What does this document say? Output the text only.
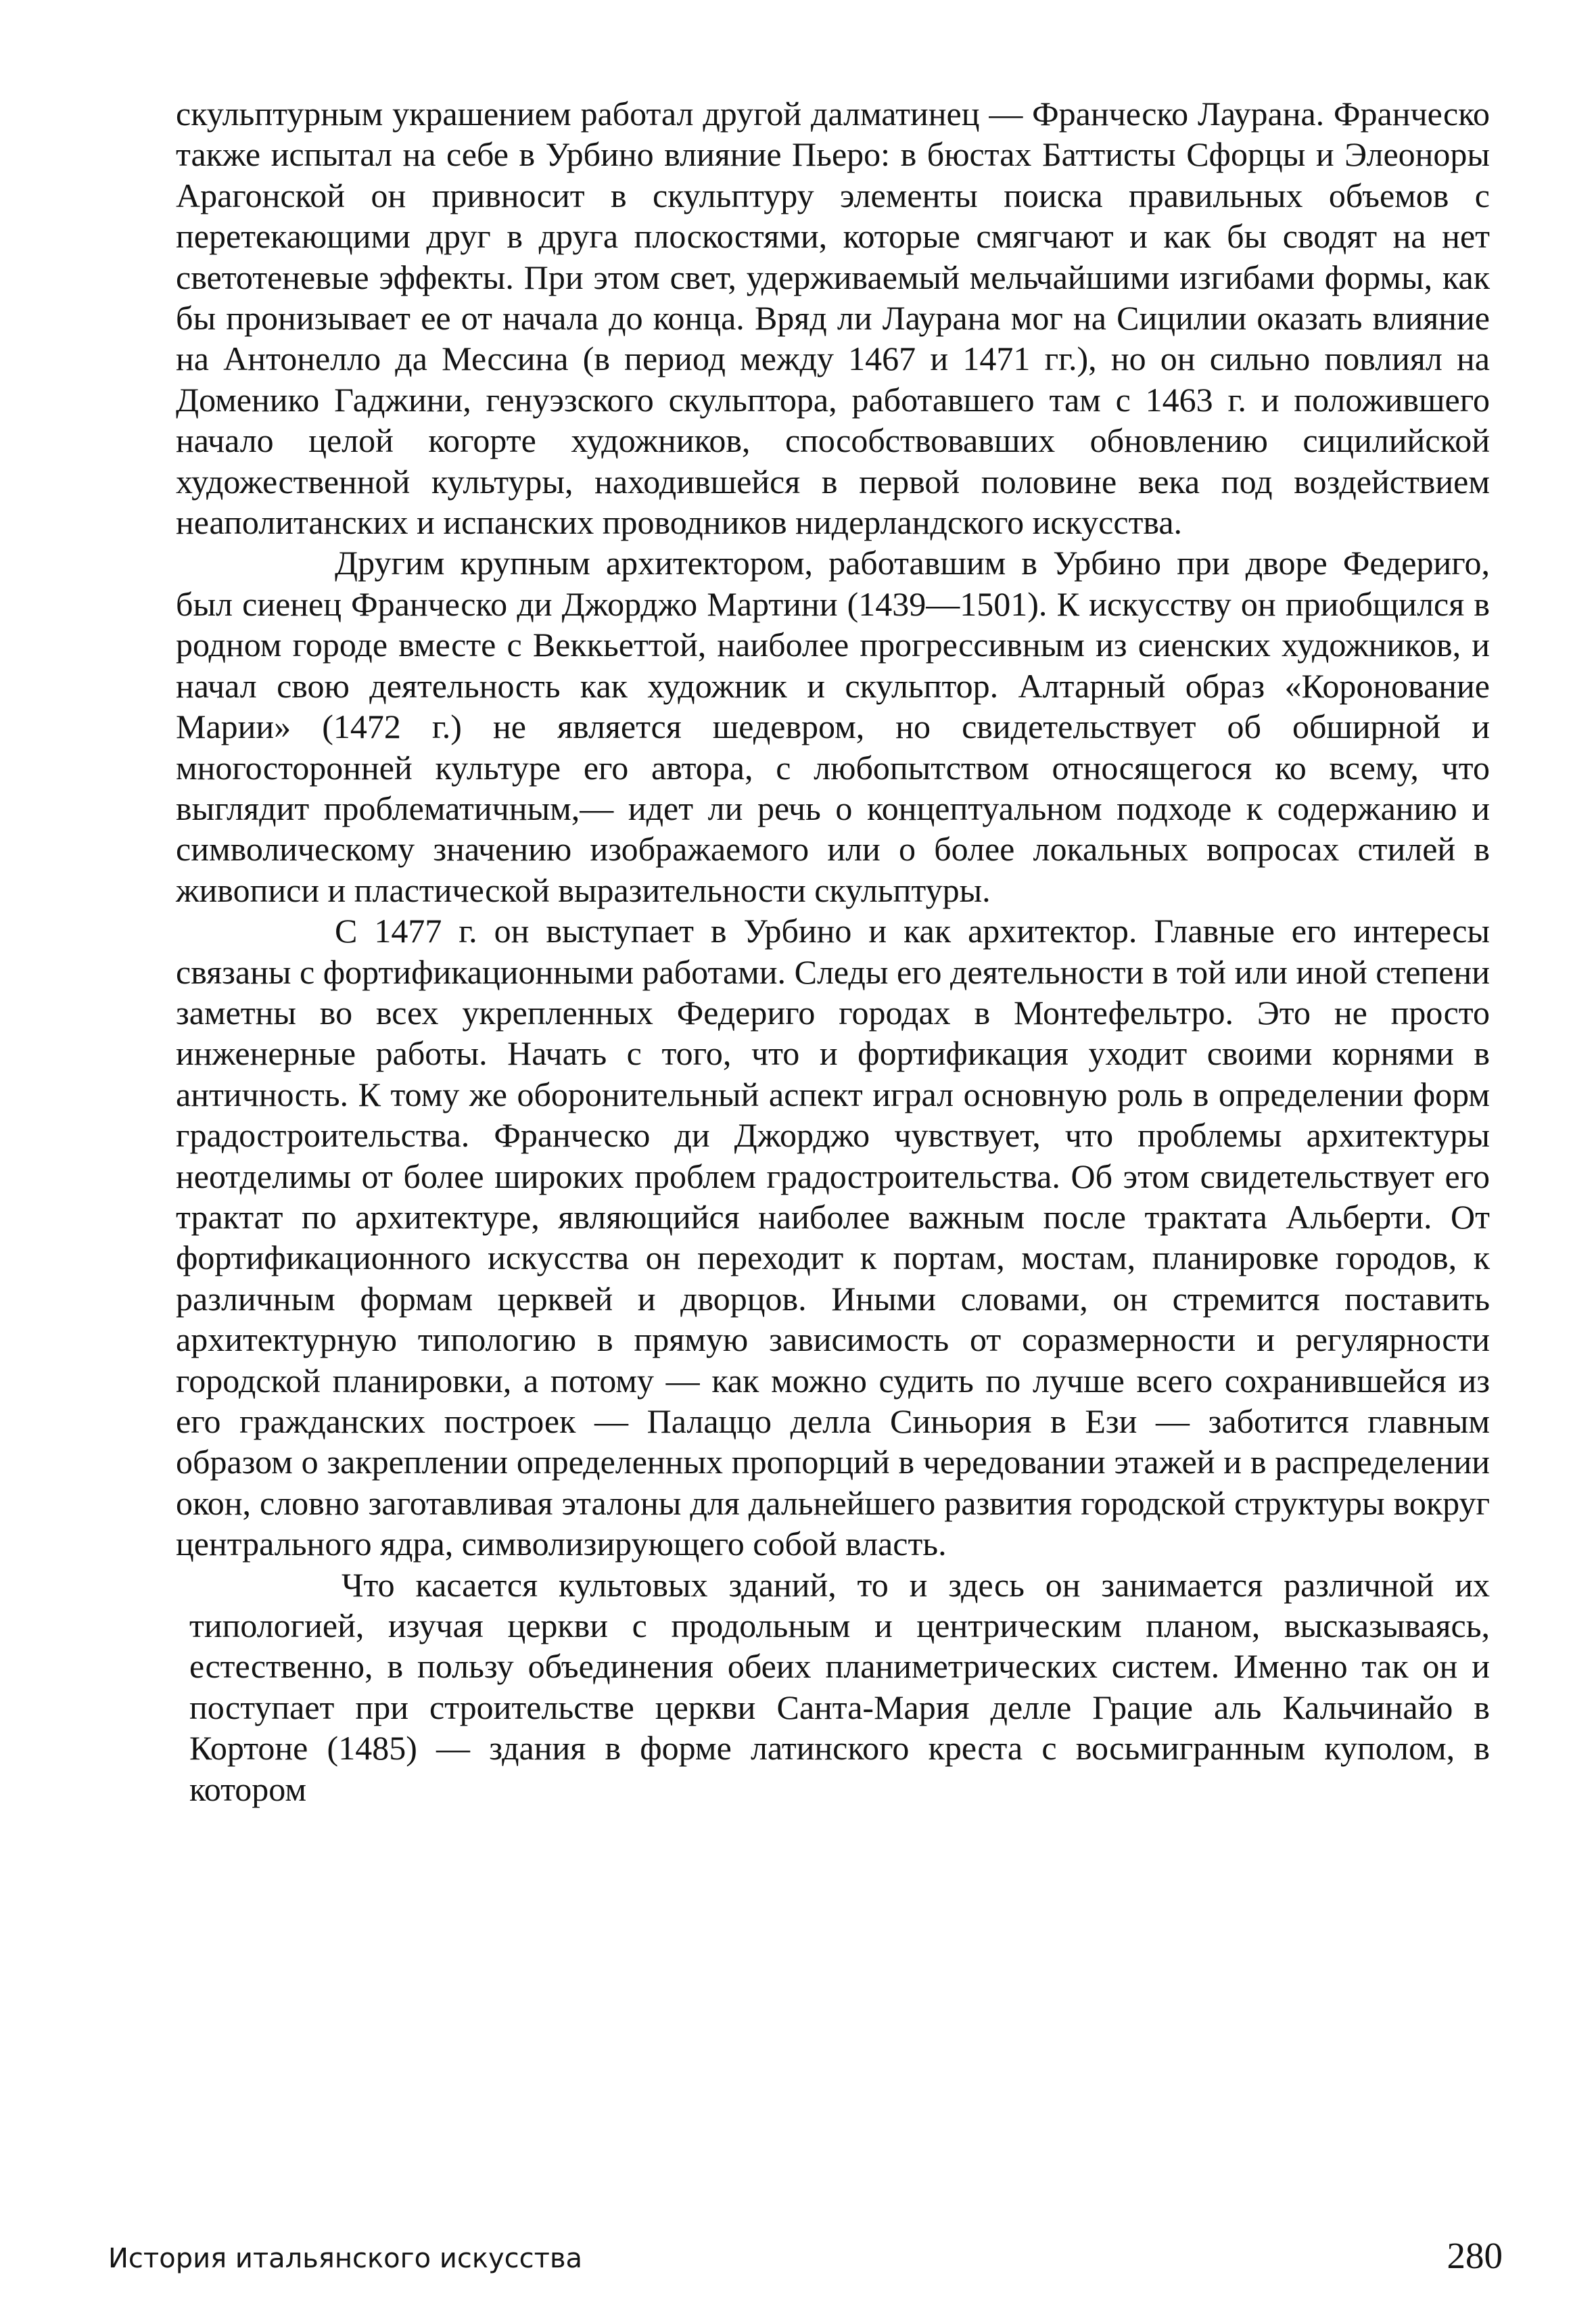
скульптурным украшением работал другой далматинец — Франческо Лаурана. Франческо также испытал на себе в Урбино влияние Пьеро: в бюстах Баттисты Сфорцы и Элеоноры Арагонской он привносит в скульптуру элементы поиска правильных объемов с перетекающими друг в друга плоскостями, которые смягчают и как бы сводят на нет светотеневые эффекты. При этом свет, удерживаемый мельчайшими изгибами формы, как бы пронизывает ее от начала до конца. Вряд ли Лаурана мог на Сицилии оказать влияние на Антонелло да Мессина (в период между 1467 и 1471 гг.), но он сильно повлиял на Доменико Гаджини, генуэзского скульптора, работавшего там с 1463 г. и положившего начало целой когорте художников, способствовавших обновлению сицилийской художественной культуры, находившейся в первой половине века под воздействием неаполитанских и испанских проводников нидерландского искусства.

Другим крупным архитектором, работавшим в Урбино при дворе Федериго, был сиенец Франческо ди Джорджо Мартини (1439—1501). К искусству он приобщился в родном городе вместе с Веккьеттой, наиболее прогрессивным из сиенских художников, и начал свою деятельность как художник и скульптор. Алтарный образ «Коронование Марии» (1472 г.) не является шедевром, но свидетельствует об обширной и многосторонней культуре его автора, с любопытством относящегося ко всему, что выглядит проблематичным,— идет ли речь о концептуальном подходе к содержанию и символическому значению изображаемого или о более локальных вопросах стилей в живописи и пластической выразительности скульптуры.

С 1477 г. он выступает в Урбино и как архитектор. Главные его интересы связаны с фортификационными работами. Следы его деятельности в той или иной степени заметны во всех укрепленных Федериго городах в Монтефельтро. Это не просто инженерные работы. Начать с того, что и фортификация уходит своими корнями в античность. К тому же оборонительный аспект играл основную роль в определении форм градостроительства. Франческо ди Джорджо чувствует, что проблемы архитектуры неотделимы от более широких проблем градостроительства. Об этом свидетельствует его трактат по архитектуре, являющийся наиболее важным после трактата Альберти. От фортификационного искусства он переходит к портам, мостам, планировке городов, к различным формам церквей и дворцов. Иными словами, он стремится поставить архитектурную типологию в прямую зависимость от соразмерности и регулярности городской планировки, а потому — как можно судить по лучше всего сохранившейся из его гражданских построек — Палаццо делла Синьория в Ези — заботится главным образом о закреплении определенных пропорций в чередовании этажей и в распределении окон, словно заготавливая эталоны для дальнейшего развития городской структуры вокруг центрального ядра, символизирующего собой власть.

Что касается культовых зданий, то и здесь он занимается различной их типологией, изучая церкви с продольным и центрическим планом, высказываясь, естественно, в пользу объединения обеих планиметрических систем. Именно так он и поступает при строительстве церкви Санта-Мария делле Грацие аль Кальчинайо в Кортоне (1485) — здания в форме латинского креста с восьмигранным куполом, в котором

История итальянского искусства	280
